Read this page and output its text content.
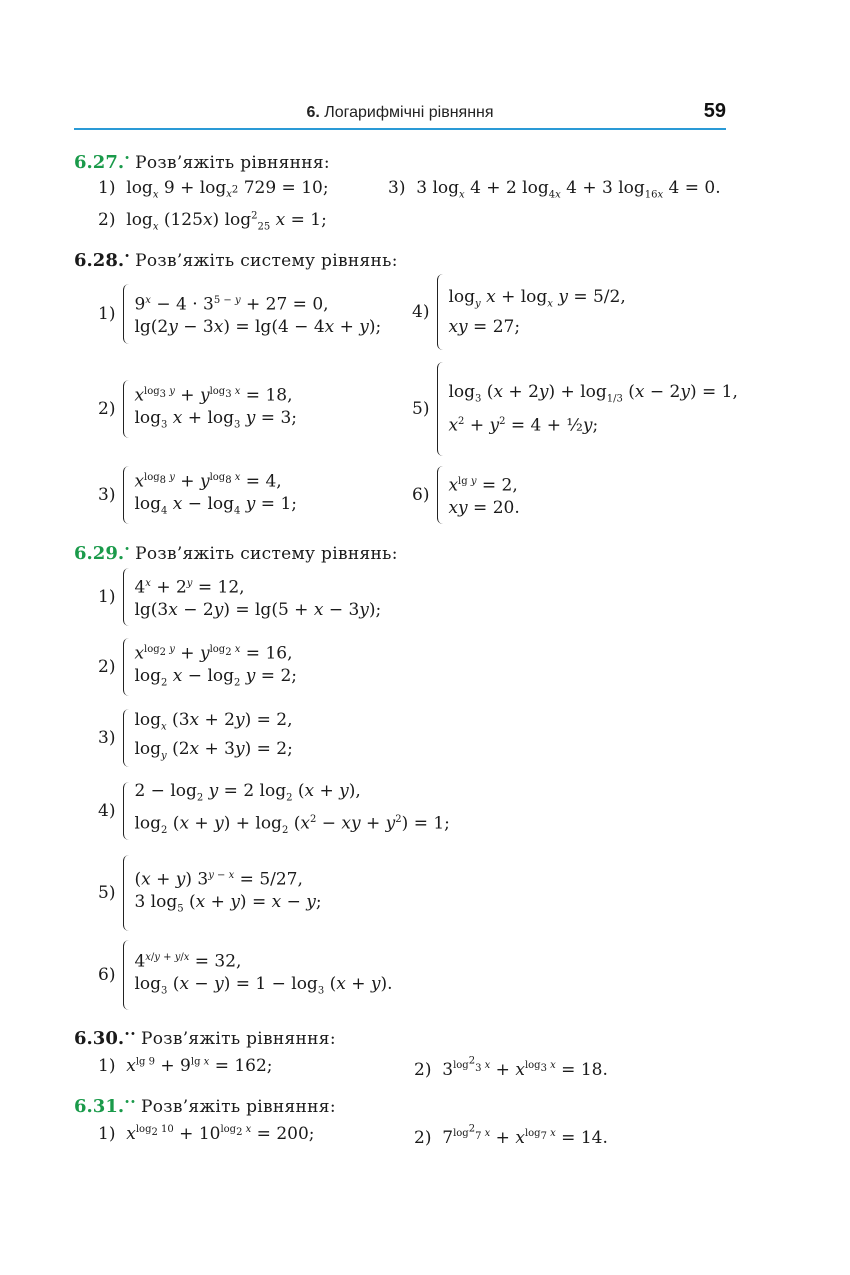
6. Логарифмічні рівняння	59
6.27.• Розв’яжіть рівняння:
1)  $\log_x 9 + \log_{x^2} 729 = 10$;	3)  3 $\log_x 4 + 2$ $\log_{4x} 4 + 3$ $\log_{16x} 4 = 0$.
2)  $\log_x (125x)$ $\log^2_{25} x = 1$;
6.28.• Розв’яжіть систему рівнянь:
1) $9^x - 4 \cdot 3^{5 - y} + 27 = 0$,
lg(2y − 3x) = lg(4 − 4x + y);
4)
$\log_y x + \log_x y = 5/2$,
xy = 27;
2)
$x^{log_3 y} + y^{log_3 x} = 18$,
$\log_3 x + \log_3 y = 3$;	5)
$\log_3 (x + 2y) + \log_{1/3} (x - 2y) = 1$,
$x^2 + y^2 = 4$ + ½y;
3)
$x^{log_8 y} + y^{log_8 x} = 4$,
$\log_4 x - \log_4 y = 1$;	6) $x^{lg y} = 2$,
xy = 20.
6.29.• Розв’яжіть систему рівнянь:
1) $4^x + 2^y = 12$,
lg(3x − 2y) = lg(5 + x − 3y);
2)
$x^{log_2 y} + y^{log_2 x} = 16$,
$\log_2 x - \log_2 y = 2$;
3)
$\log_x (3x + 2y) = 2$,
$\log_y (2x + 3y) = 2$;
4)
$2 - \log_2 y = 2$ $\log_2 (x + y)$,
$\log_2 (x + y) + \log_2 (x^2$ − xy + $y^2) = 1$;
5)
(x + y) $3^{y - x} = 5/27$,
3 $\log_5 (x + y) = x - y$;
6)
$4^{x/y + y/x} = 32$,
$\log_3 (x - y) = 1 - \log_3 (x + y)$.
6.30.•• Розв’яжіть рівняння:
1)  $x^{lg 9} + 9^{lg x} = 162$;	2)  $3^{log^2_3 x} + x^{log_3 x} = 18$.
6.31.•• Розв’яжіть рівняння:
1)  $x^{log_2 10} + 10^{log_2 x} = 200$;	2)  $7^{log^2_7 x} + x^{log_7 x} = 14$.
